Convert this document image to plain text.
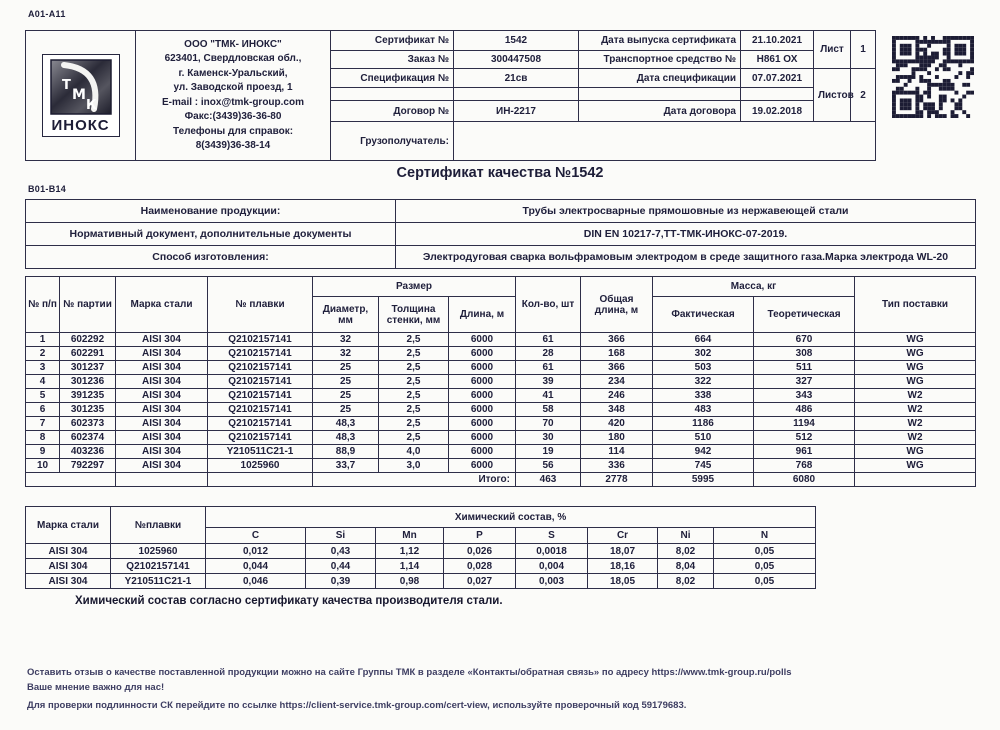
A01-A11
Т
М
К
ИНОКС

ООО "ТМК- ИНОКС"
623401, Свердловская обл.,
г. Каменск-Уральский,
ул. Заводской проезд, 1
E-mail : inox@tmk-group.com
Факс:(3439)36-36-80
Телефоны для справок:
8(3439)36-38-14
	Сертификат №	1542	Дата выпуска сертификата	21.10.2021	Лист	1
		Заказ №	300447508	Транспортное средство №	Н861 ОХ		
		Спецификация №	21св	Дата спецификации	07.07.2021	Листов	2

		Договор №	ИН-2217	Дата договора	19.02.2018		
		Грузополучатель:					
Сертификат качества №1542
B01-B14
Наименование продукции:	Трубы электросварные прямошовные из нержавеющей стали
Нормативный документ, дополнительные документы	DIN EN 10217-7,ТТ-ТМК-ИНОКС-07-2019.
Способ изготовления:	Электродуговая сварка вольфрамовым электродом в среде защитного газа.Марка электрода WL-20
№ п/п	№ партии	Марка стали	№ плавки	Размер			Кол-во, шт	Общая длина, м	Масса, кг		Тип поставки
				Диаметр, мм	Толщина стенки, мм	Длина, м			Фактическая	Теоретическая	
1	602292	AISI 304	Q2102157141	32	2,5	6000	61	366	664	670	WG
2	602291	AISI 304	Q2102157141	32	2,5	6000	28	168	302	308	WG
3	301237	AISI 304	Q2102157141	25	2,5	6000	61	366	503	511	WG
4	301236	AISI 304	Q2102157141	25	2,5	6000	39	234	322	327	WG
5	391235	AISI 304	Q2102157141	25	2,5	6000	41	246	338	343	W2
6	301235	AISI 304	Q2102157141	25	2,5	6000	58	348	483	486	W2
7	602373	AISI 304	Q2102157141	48,3	2,5	6000	70	420	1186	1194	W2
8	602374	AISI 304	Q2102157141	48,3	2,5	6000	30	180	510	512	W2
9	403236	AISI 304	Y210511C21-1	88,9	4,0	6000	19	114	942	961	WG
10	792297	AISI 304	1025960	33,7	3,0	6000	56	336	745	768	WG
				Итого:			463	2778	5995	6080	
Марка стали	№плавки	Химический состав, %							
		C	Si	Mn	P	S	Cr	Ni	N
AISI 304	1025960	0,012	0,43	1,12	0,026	0,0018	18,07	8,02	0,05
AISI 304	Q2102157141	0,044	0,44	1,14	0,028	0,004	18,16	8,04	0,05
AISI 304	Y210511C21-1	0,046	0,39	0,98	0,027	0,003	18,05	8,02	0,05
Химический состав согласно сертификату качества производителя стали.
Оставить отзыв о качестве поставленной продукции можно на сайте Группы ТМК в разделе «Контакты/обратная связь» по адресу https://www.tmk-group.ru/polls
Ваше мнение важно для нас!
Для проверки подлинности СК перейдите по ссылке https://client-service.tmk-group.com/cert-view, используйте проверочный код 59179683.
